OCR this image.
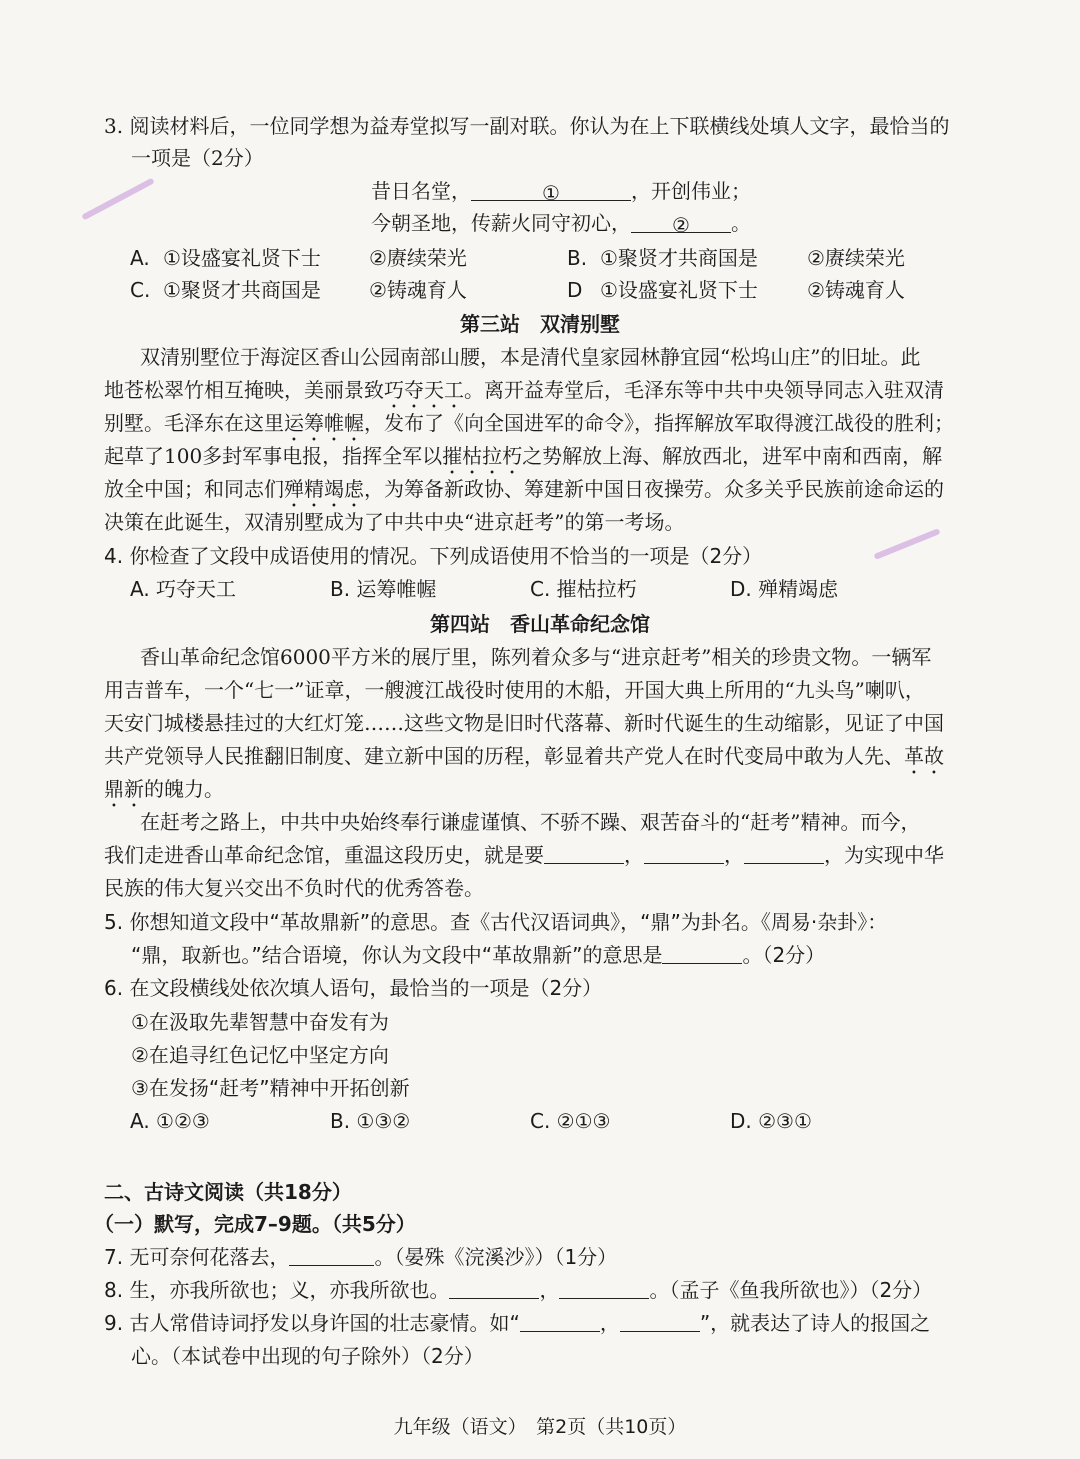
3. 阅读材料后，一位同学想为益寿堂拟写一副对联。你认为在上下联横线处填人文字，最恰当的
一项是（2分）
昔日名堂，	①	，开创伟业；
今朝圣地，传薪火同守初心， ② 。
A. ①设盛宴礼贤下士 ②赓续荣光	B. ①聚贤才共商国是 ②赓续荣光
C. ①聚贤才共商国是 ②铸魂育人	D ①设盛宴礼贤下士 ②铸魂育人
第三站　双清别墅
双清别墅位于海淀区香山公园南部山腰，本是清代皇家园林静宜园“松坞山庄”的旧址。此
地苍松翠竹相互掩映，美丽景致巧夺天工。离开益寿堂后，毛泽东等中共中央领导同志入驻双清
别墅。毛泽东在这里运筹帷幄，发布了《向全国进军的命令》，指挥解放军取得渡江战役的胜利；
起草了100多封军事电报，指挥全军以摧枯拉朽之势解放上海、解放西北，进军中南和西南，解
放全中国；和同志们殚精竭虑，为筹备新政协、筹建新中国日夜操劳。众多关乎民族前途命运的
决策在此诞生，双清别墅成为了中共中央“进京赶考”的第一考场。
4. 你检查了文段中成语使用的情况。下列成语使用不恰当的一项是（2分）
A. 巧夺天工	B. 运筹帷幄	C. 摧枯拉朽	D. 殚精竭虑
第四站　香山革命纪念馆
香山革命纪念馆6000平方米的展厅里，陈列着众多与“进京赶考”相关的珍贵文物。一辆军
用吉普车，一个“七一”证章，一艘渡江战役时使用的木船，开国大典上所用的“九头鸟”喇叭，
天安门城楼悬挂过的大红灯笼……这些文物是旧时代落幕、新时代诞生的生动缩影，见证了中国
共产党领导人民推翻旧制度、建立新中国的历程，彰显着共产党人在时代变局中敢为人先、革故
鼎新的魄力。
在赶考之路上，中共中央始终奉行谦虚谨慎、不骄不躁、艰苦奋斗的“赶考”精神。而今，
我们走进香山革命纪念馆，重温这段历史，就是要	，	，	，为实现中华
民族的伟大复兴交出不负时代的优秀答卷。
5. 你想知道文段中“革故鼎新”的意思。查《古代汉语词典》，“鼎”为卦名。《周易·杂卦》：
“鼎，取新也。”结合语境，你认为文段中“革故鼎新”的意思是	。（2分）
6. 在文段横线处依次填人语句，最恰当的一项是（2分）
①在汲取先辈智慧中奋发有为
②在追寻红色记忆中坚定方向
③在发扬“赶考”精神中开拓创新
A. ①②③	B. ①③②	C. ②①③	D. ②③①
二、古诗文阅读（共18分）
（一）默写，完成7–9题。（共5分）
7. 无可奈何花落去，	。（晏殊《浣溪沙》）（1分）
8. 生，亦我所欲也；义，亦我所欲也。	，	。（孟子《鱼我所欲也》）（2分）
9. 古人常借诗词抒发以身许国的壮志豪情。如“	，	”，就表达了诗人的报国之
心。（本试卷中出现的句子除外）（2分）
九年级（语文）　第2页（共10页）
